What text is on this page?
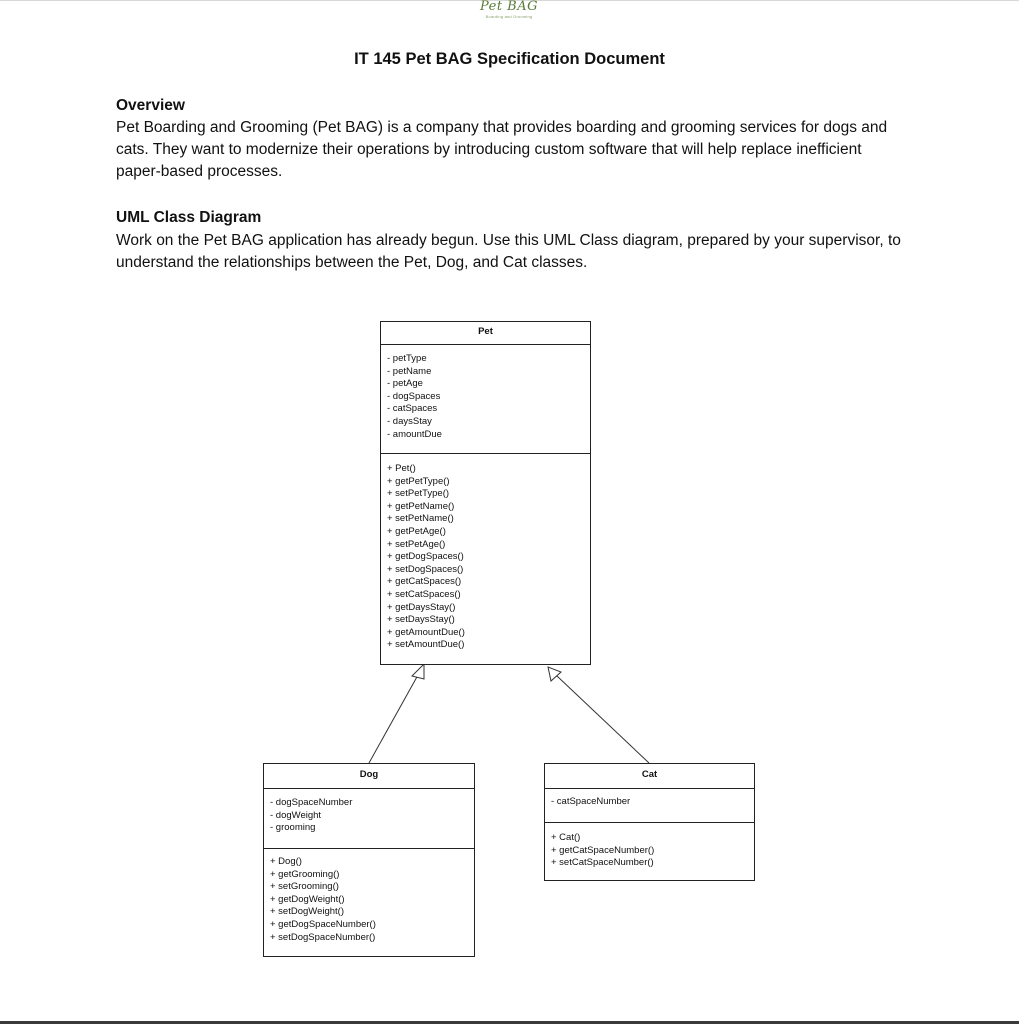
Pet BAG
Boarding and Grooming
IT 145 Pet BAG Specification Document
Overview
Pet Boarding and Grooming (Pet BAG) is a company that provides boarding and grooming services for dogs and cats. They want to modernize their operations by introducing custom software that will help replace inefficient paper-based processes.
UML Class Diagram
Work on the Pet BAG application has already begun. Use this UML Class diagram, prepared by your supervisor, to understand the relationships between the Pet, Dog, and Cat classes.
Pet
- petType
- petName
- petAge
- dogSpaces
- catSpaces
- daysStay
- amountDue
+ Pet()
+ getPetType()
+ setPetType()
+ getPetName()
+ setPetName()
+ getPetAge()
+ setPetAge()
+ getDogSpaces()
+ setDogSpaces()
+ getCatSpaces()
+ setCatSpaces()
+ getDaysStay()
+ setDaysStay()
+ getAmountDue()
+ setAmountDue()
Dog
- dogSpaceNumber
- dogWeight
- grooming
+ Dog()
+ getGrooming()
+ setGrooming()
+ getDogWeight()
+ setDogWeight()
+ getDogSpaceNumber()
+ setDogSpaceNumber()
Cat
- catSpaceNumber
+ Cat()
+ getCatSpaceNumber()
+ setCatSpaceNumber()
